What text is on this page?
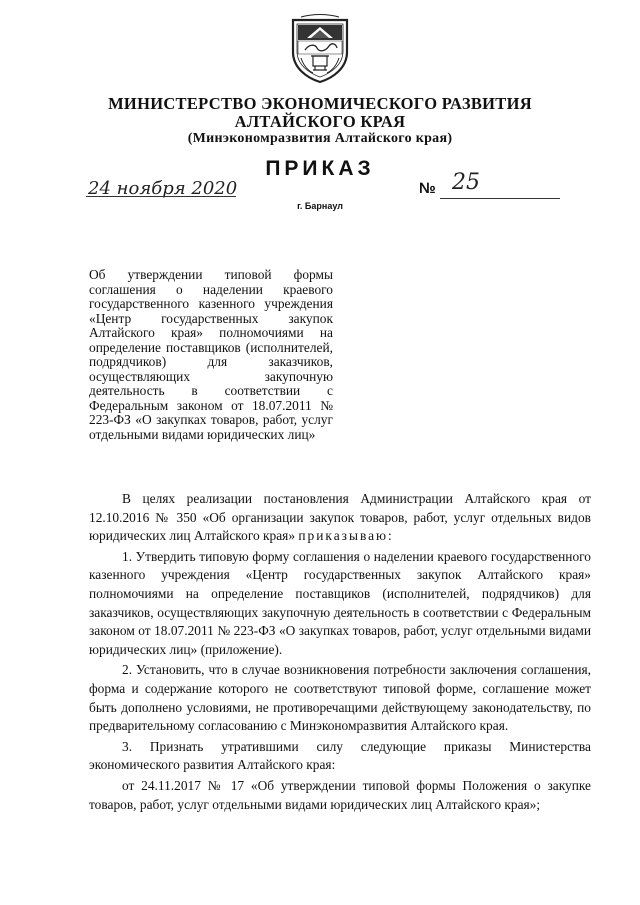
МИНИСТЕРСТВО ЭКОНОМИЧЕСКОГО РАЗВИТИЯ
АЛТАЙСКОГО КРАЯ
(Минэкономразвития Алтайского края)
ПРИКАЗ
24 ноября 2020	№ 25
г. Барнаул
Об утверждении типовой формы соглашения о наделении краевого государственного казенного учреждения «Центр государственных закупок Алтайского края» полномочиями на определение поставщиков (исполнителей, подрядчиков) для заказчиков, осуществляющих закупочную деятельность в соответствии с Федеральным законом от 18.07.2011 № 223-ФЗ «О закупках товаров, работ, услуг отдельными видами юридических лиц»

В целях реализации постановления Администрации Алтайского края от 12.10.2016 № 350 «Об организации закупок товаров, работ, услуг отдельных видов юридических лиц Алтайского края» приказываю:

1. Утвердить типовую форму соглашения о наделении краевого государственного казенного учреждения «Центр государственных закупок Алтайского края» полномочиями на определение поставщиков (исполнителей, подрядчиков) для заказчиков, осуществляющих закупочную деятельность в соответствии с Федеральным законом от 18.07.2011 № 223-ФЗ «О закупках товаров, работ, услуг отдельными видами юридических лиц» (приложение).

2. Установить, что в случае возникновения потребности заключения соглашения, форма и содержание которого не соответствуют типовой форме, соглашение может быть дополнено условиями, не противоречащими действующему законодательству, по предварительному согласованию с Минэкономразвития Алтайского края.

3. Признать утратившими силу следующие приказы Министерства экономического развития Алтайского края:

от 24.11.2017 № 17 «Об утверждении типовой формы Положения о закупке товаров, работ, услуг отдельными видами юридических лиц Алтайского края»;
